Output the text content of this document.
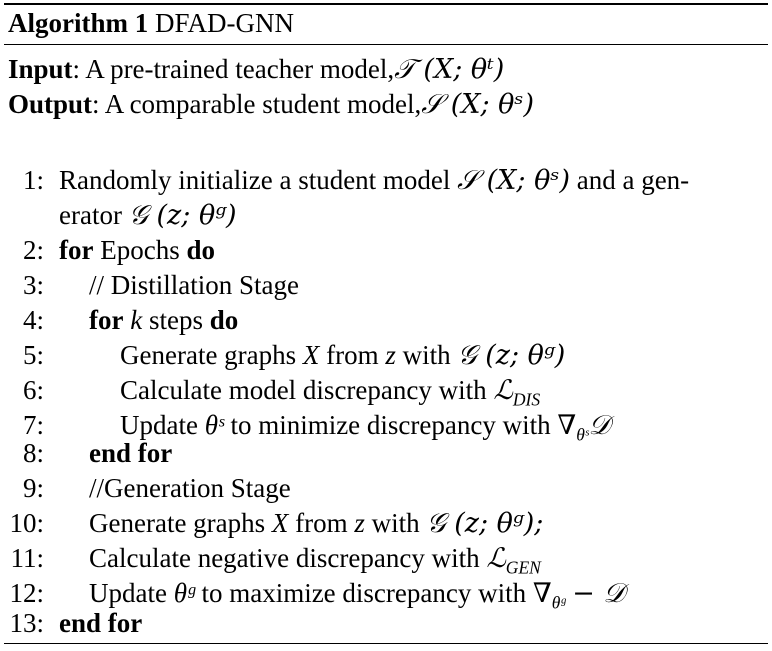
Algorithm 1 DFAD-GNN
Input: A pre-trained teacher model,𝒯 (X; θᵗ)
Output: A comparable student model,𝒮 (X; θˢ)
1: Randomly initialize a student model 𝒮 (X; θˢ) and a gen-
erator 𝒢 (z; θᵍ)
2: for Epochs do
3: // Distillation Stage
4: for k steps do
5:	Generate graphs X from z with 𝒢 (z; θᵍ)
6:	Calculate model discrepancy with ℒ$_{DIS}$
7:	Update θˢ to minimize discrepancy with $\nabla_{\theta ˢ}𝒟$
8: end for
9: //Generation Stage
10: Generate graphs X from z with 𝒢 (z; θᵍ);
11: Calculate negative discrepancy with ℒ$_{GEN}$
12: Update θᵍ to maximize discrepancy with $\nabla_{\theta ᵍ}$ − 𝒟
13: end for
